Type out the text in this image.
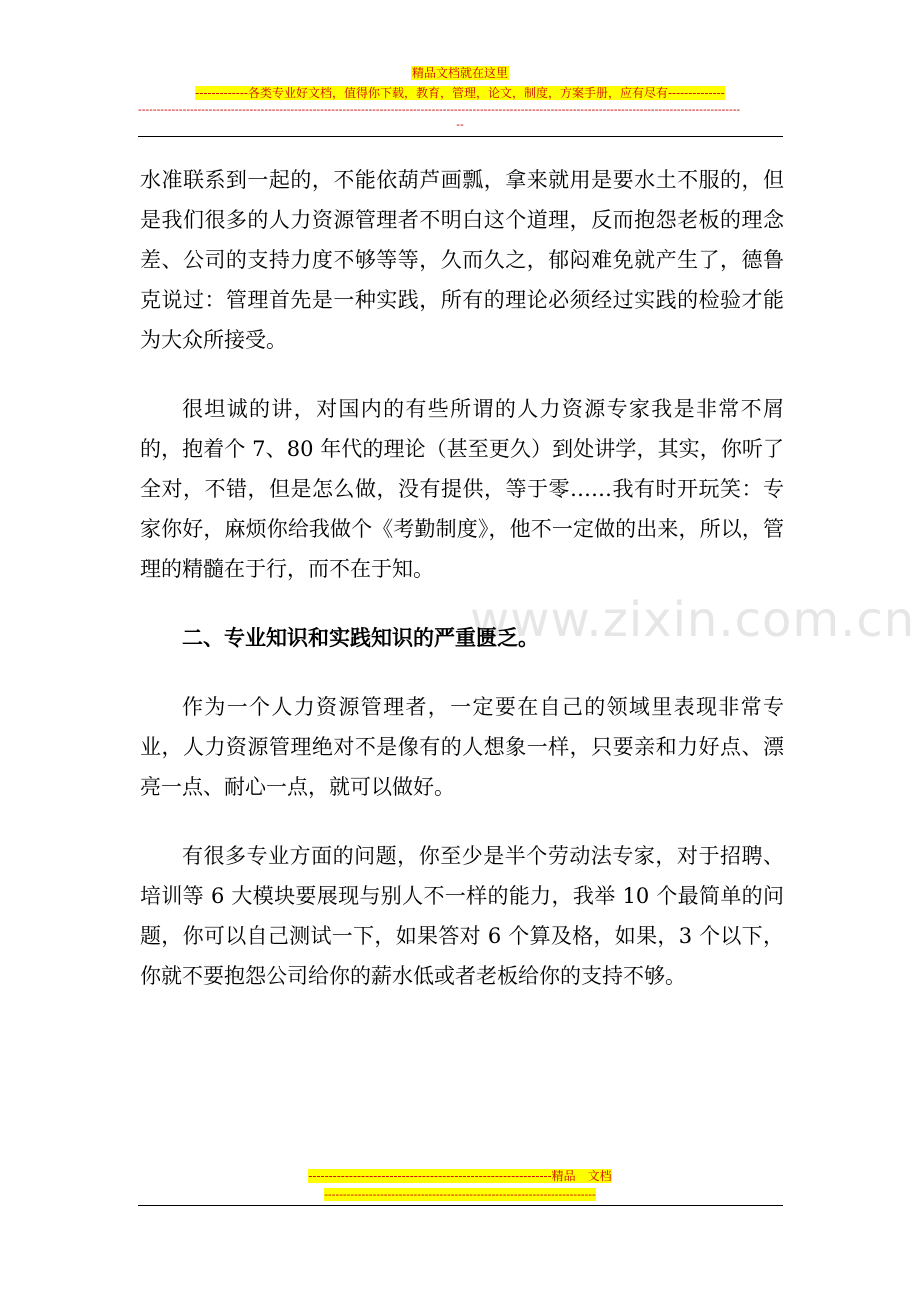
精品文档就在这里
-------------各类专业好文档，值得你下载，教育，管理，论文，制度，方案手册，应有尽有--------------
------------------------------------------------------------------------------------------------------------------------------------------------------------------
--
www.zixin.com.cn

水准联系到一起的，不能依葫芦画瓢，拿来就用是要水土不服的，但是我们很多的人力资源管理者不明白这个道理，反而抱怨老板的理念差、公司的支持力度不够等等，久而久之，郁闷难免就产生了，德鲁克说过：管理首先是一种实践，所有的理论必须经过实践的检验才能为大众所接受。

很坦诚的讲，对国内的有些所谓的人力资源专家我是非常不屑的，抱着个 7、80 年代的理论（甚至更久）到处讲学，其实，你听了全对，不错，但是怎么做，没有提供，等于零……我有时开玩笑：专家你好，麻烦你给我做个《考勤制度》，他不一定做的出来，所以，管理的精髓在于行，而不在于知。

二、专业知识和实践知识的严重匮乏。

作为一个人力资源管理者，一定要在自己的领域里表现非常专业，人力资源管理绝对不是像有的人想象一样，只要亲和力好点、漂亮一点、耐心一点，就可以做好。

有很多专业方面的问题，你至少是半个劳动法专家，对于招聘、培训等 6 大模块要展现与别人不一样的能力，我举 10 个最简单的问题，你可以自己测试一下，如果答对 6 个算及格，如果，3 个以下，你就不要抱怨公司给你的薪水低或者老板给你的支持不够。

------------------------------------------------------------精品　文档
-------------------------------------------------------------------------
